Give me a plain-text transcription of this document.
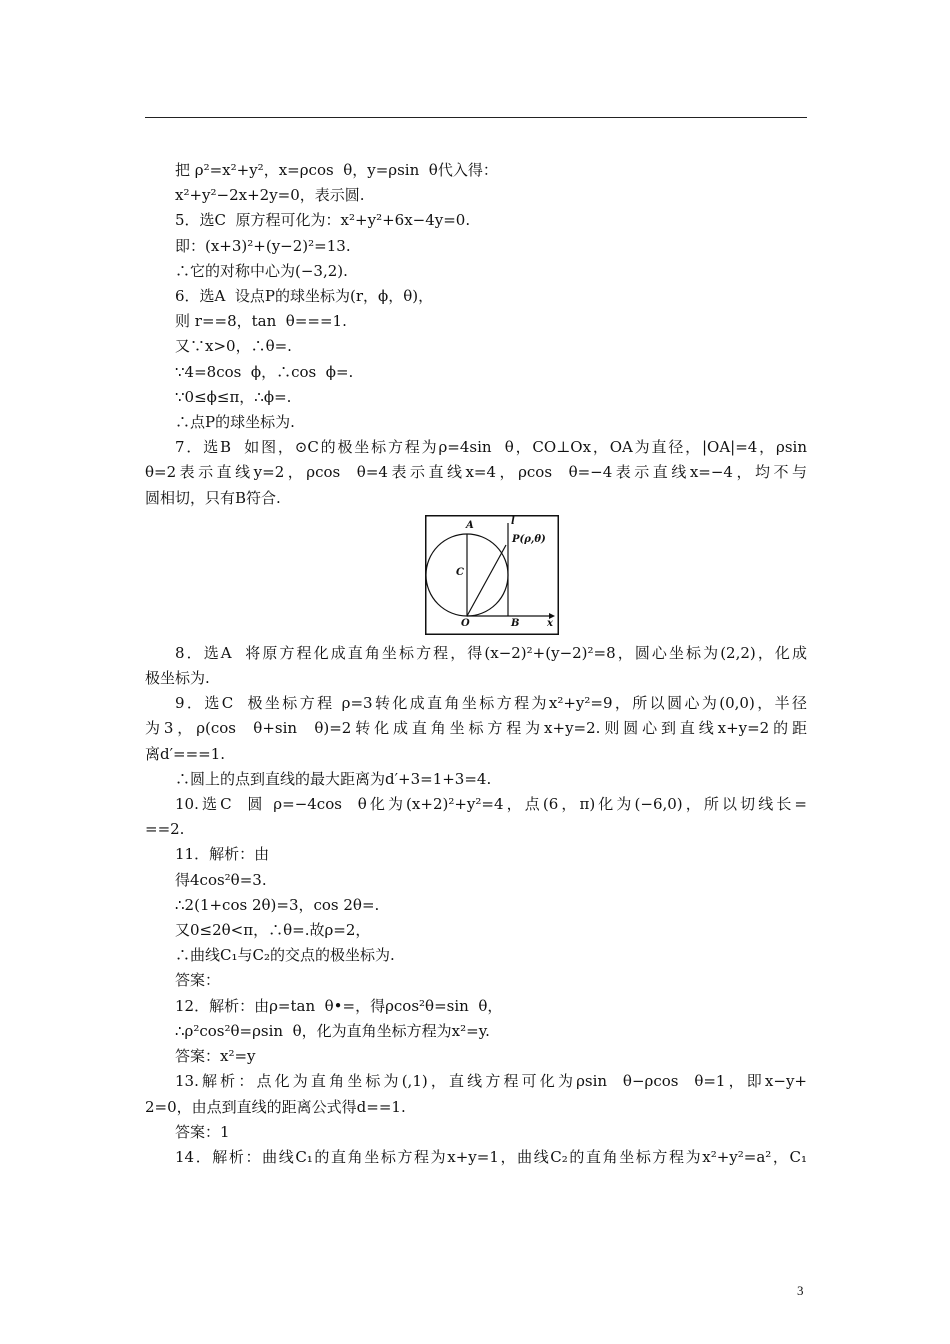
把 ρ²=x²+y²，x=ρcos  θ，y=ρsin  θ代入得：
x²+y²−2x+2y=0，表示圆.
5．选C  原方程可化为：x²+y²+6x−4y=0.
即：(x+3)²+(y−2)²=13.
∴它的对称中心为(−3,2).
6．选A  设点P的球坐标为(r，ϕ，θ)，
则 r==8，tan  θ===1.
又∵x>0，∴θ=.
∵4=8cos  ϕ，∴cos  ϕ=.
∵0≤ϕ≤π，∴ϕ=.
∴点P的球坐标为.
7．选B  如图，⊙C的极坐标方程为ρ=4sin  θ，CO⊥Ox，OA为直径，|OA|=4，ρsin
θ=2表示直线y=2，ρcos  θ=4表示直线x=4，ρcos  θ=−4表示直线x=−4，均不与
圆相切，只有B符合.
A	l
P(ρ,θ)
C
O	B	x
8．选A  将原方程化成直角坐标方程，得(x−2)²+(y−2)²=8，圆心坐标为(2,2)，化成
极坐标为.
9．选C  极坐标方程 ρ=3转化成直角坐标方程为x²+y²=9，所以圆心为(0,0)，半径
为3，ρ(cos  θ+sin  θ)=2转化成直角坐标方程为x+y=2.则圆心到直线x+y=2的距
离d′===1.
∴圆上的点到直线的最大距离为d′+3=1+3=4.
10.选C  圆 ρ=−4cos  θ化为(x+2)²+y²=4，点(6，π)化为(−6,0)，所以切线长=
==2.
11．解析：由
得4cos²θ=3.
∴2(1+cos 2θ)=3，cos 2θ=.
又0≤2θ<π，∴θ=.故ρ=2，
∴曲线C₁与C₂的交点的极坐标为.
答案：
12．解析：由ρ=tan  θ•=，得ρcos²θ=sin  θ，
∴ρ²cos²θ=ρsin  θ，化为直角坐标方程为x²=y.
答案：x²=y
13.解析：点化为直角坐标为(,1)，直线方程可化为ρsin  θ−ρcos  θ=1，即x−y+
2=0，由点到直线的距离公式得d==1.
答案：1
14．解析：曲线C₁的直角坐标方程为x+y=1，曲线C₂的直角坐标方程为x²+y²=a²，C₁
3
